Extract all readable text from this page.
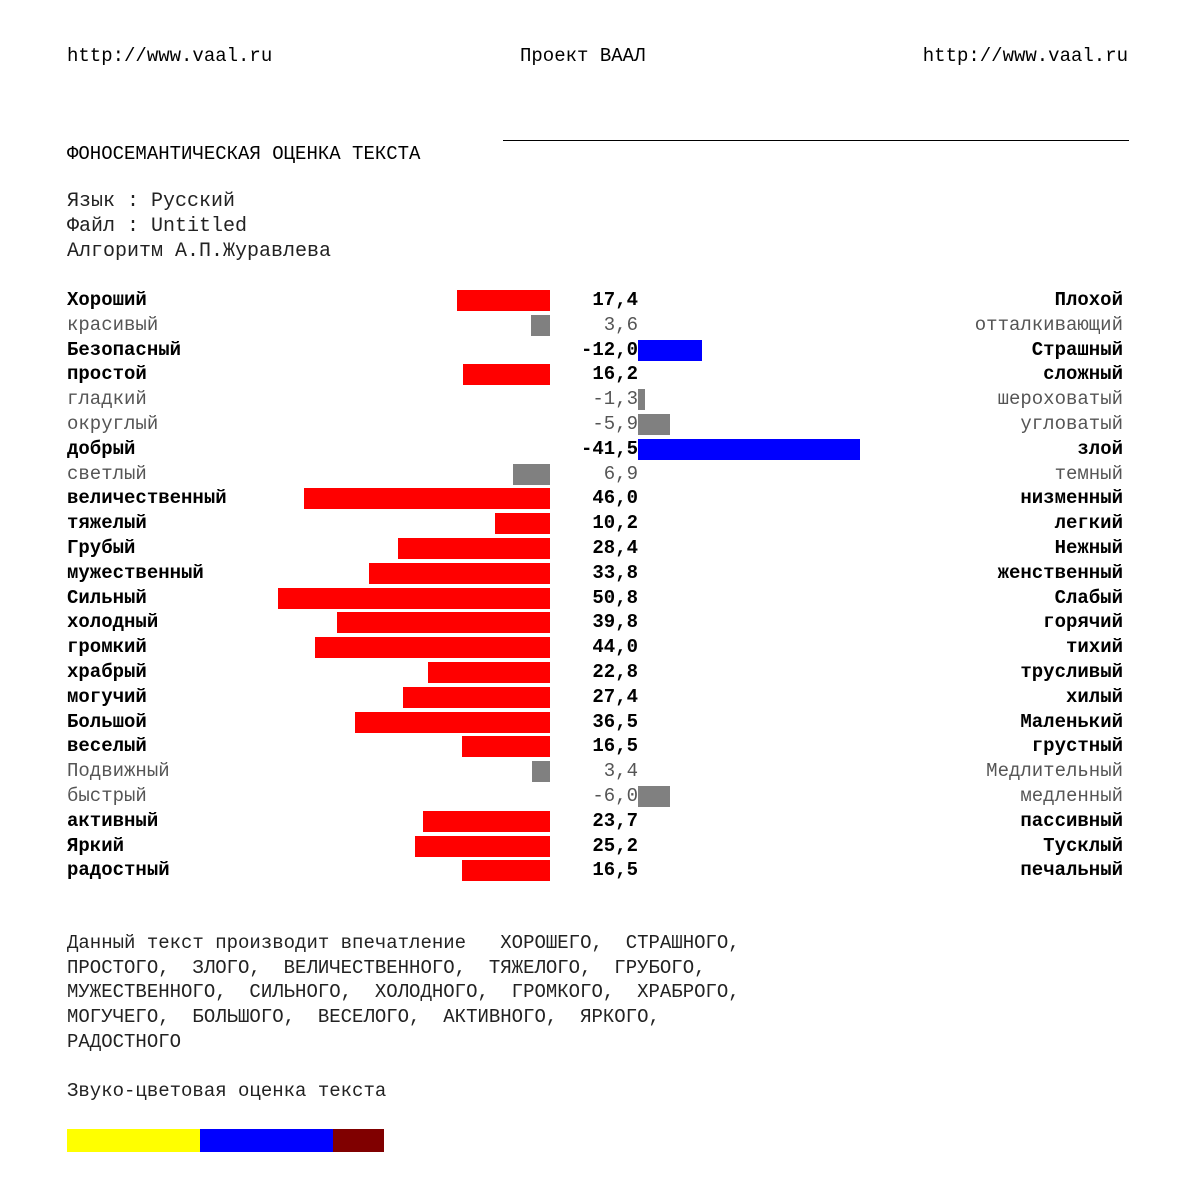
http://www.vaal.ru	Проект ВААЛ	http://www.vaal.ru
ФОНОСЕМАНТИЧЕСКАЯ ОЦЕНКА ТЕКСТА
Язык : Русский
Файл : Untitled
Алгоритм А.П.Журавлева
Хороший	17,4	Плохой
красивый	3,6	отталкивающий
Безопасный	-12,0	Страшный
простой	16,2	сложный
гладкий	-1,3	шероховатый
округлый	-5,9	угловатый
добрый	-41,5	злой
светлый	6,9	темный
величественный	46,0	низменный
тяжелый	10,2	легкий
Грубый	28,4	Нежный
мужественный	33,8	женственный
Сильный	50,8	Слабый
холодный	39,8	горячий
громкий	44,0	тихий
храбрый	22,8	трусливый
могучий	27,4	хилый
Большой	36,5	Маленький
веселый	16,5	грустный
Подвижный	3,4	Медлительный
быстрый	-6,0	медленный
активный	23,7	пассивный
Яркий	25,2	Тусклый
радостный	16,5	печальный
Данный текст производит впечатление   ХОРОШЕГО,  СТРАШНОГО,
ПРОСТОГО,  ЗЛОГО,  ВЕЛИЧЕСТВЕННОГО,  ТЯЖЕЛОГО,  ГРУБОГО,
МУЖЕСТВЕННОГО,  СИЛЬНОГО,  ХОЛОДНОГО,  ГРОМКОГО,  ХРАБРОГО,
МОГУЧЕГО,  БОЛЬШОГО,  ВЕСЕЛОГО,  АКТИВНОГО,  ЯРКОГО,
РАДОСТНОГО
Звуко-цветовая оценка текста
